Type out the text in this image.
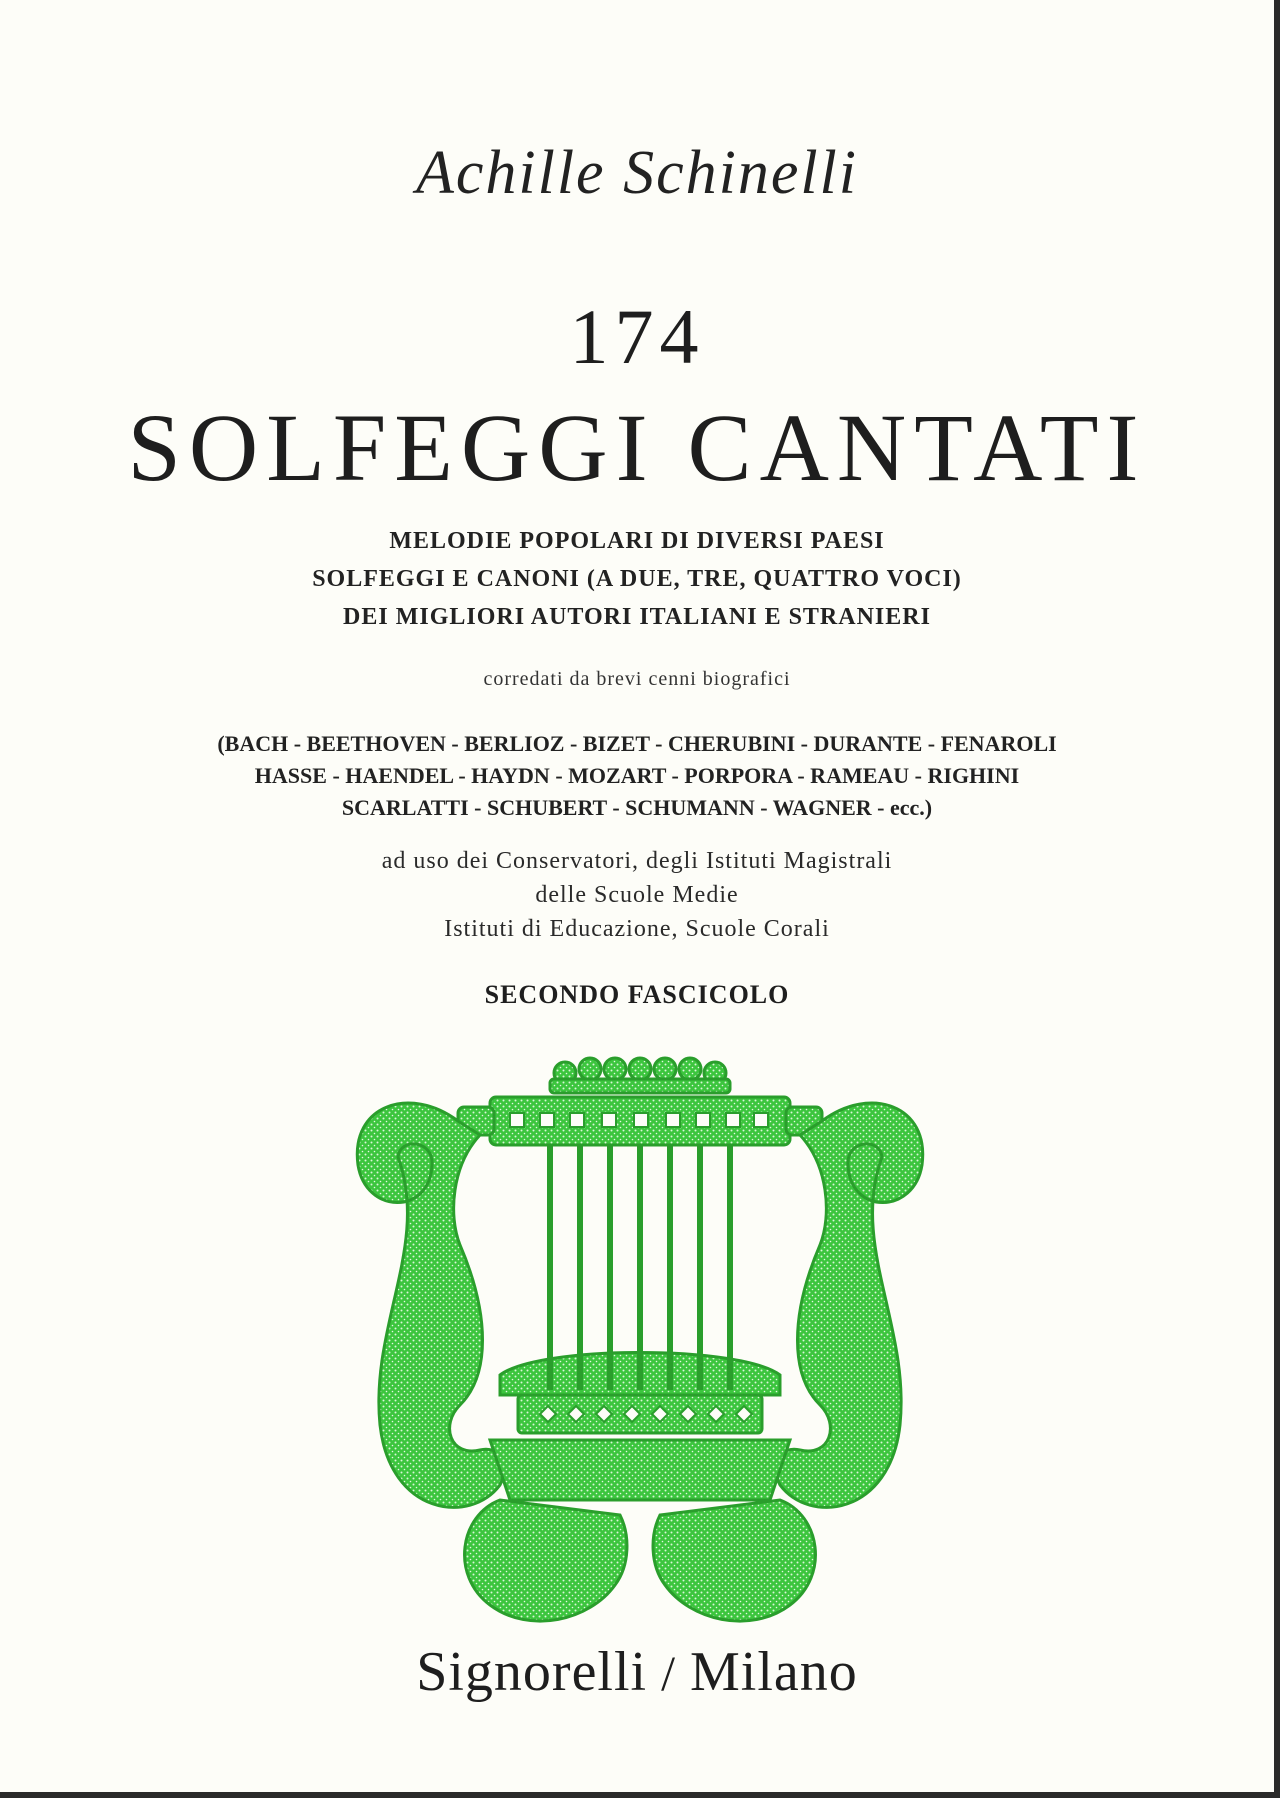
Achille Schinelli
174
SOLFEGGI CANTATI
MELODIE POPOLARI DI DIVERSI PAESI
SOLFEGGI E CANONI (A DUE, TRE, QUATTRO VOCI)
DEI MIGLIORI AUTORI ITALIANI E STRANIERI
corredati da brevi cenni biografici
(BACH - BEETHOVEN - BERLIOZ - BIZET - CHERUBINI - DURANTE - FENAROLI
HASSE - HAENDEL - HAYDN - MOZART - PORPORA - RAMEAU - RIGHINI
SCARLATTI - SCHUBERT - SCHUMANN - WAGNER - ecc.)
ad uso dei Conservatori, degli Istituti Magistrali
delle Scuole Medie
Istituti di Educazione, Scuole Corali
SECONDO FASCICOLO
Signorelli / Milano
